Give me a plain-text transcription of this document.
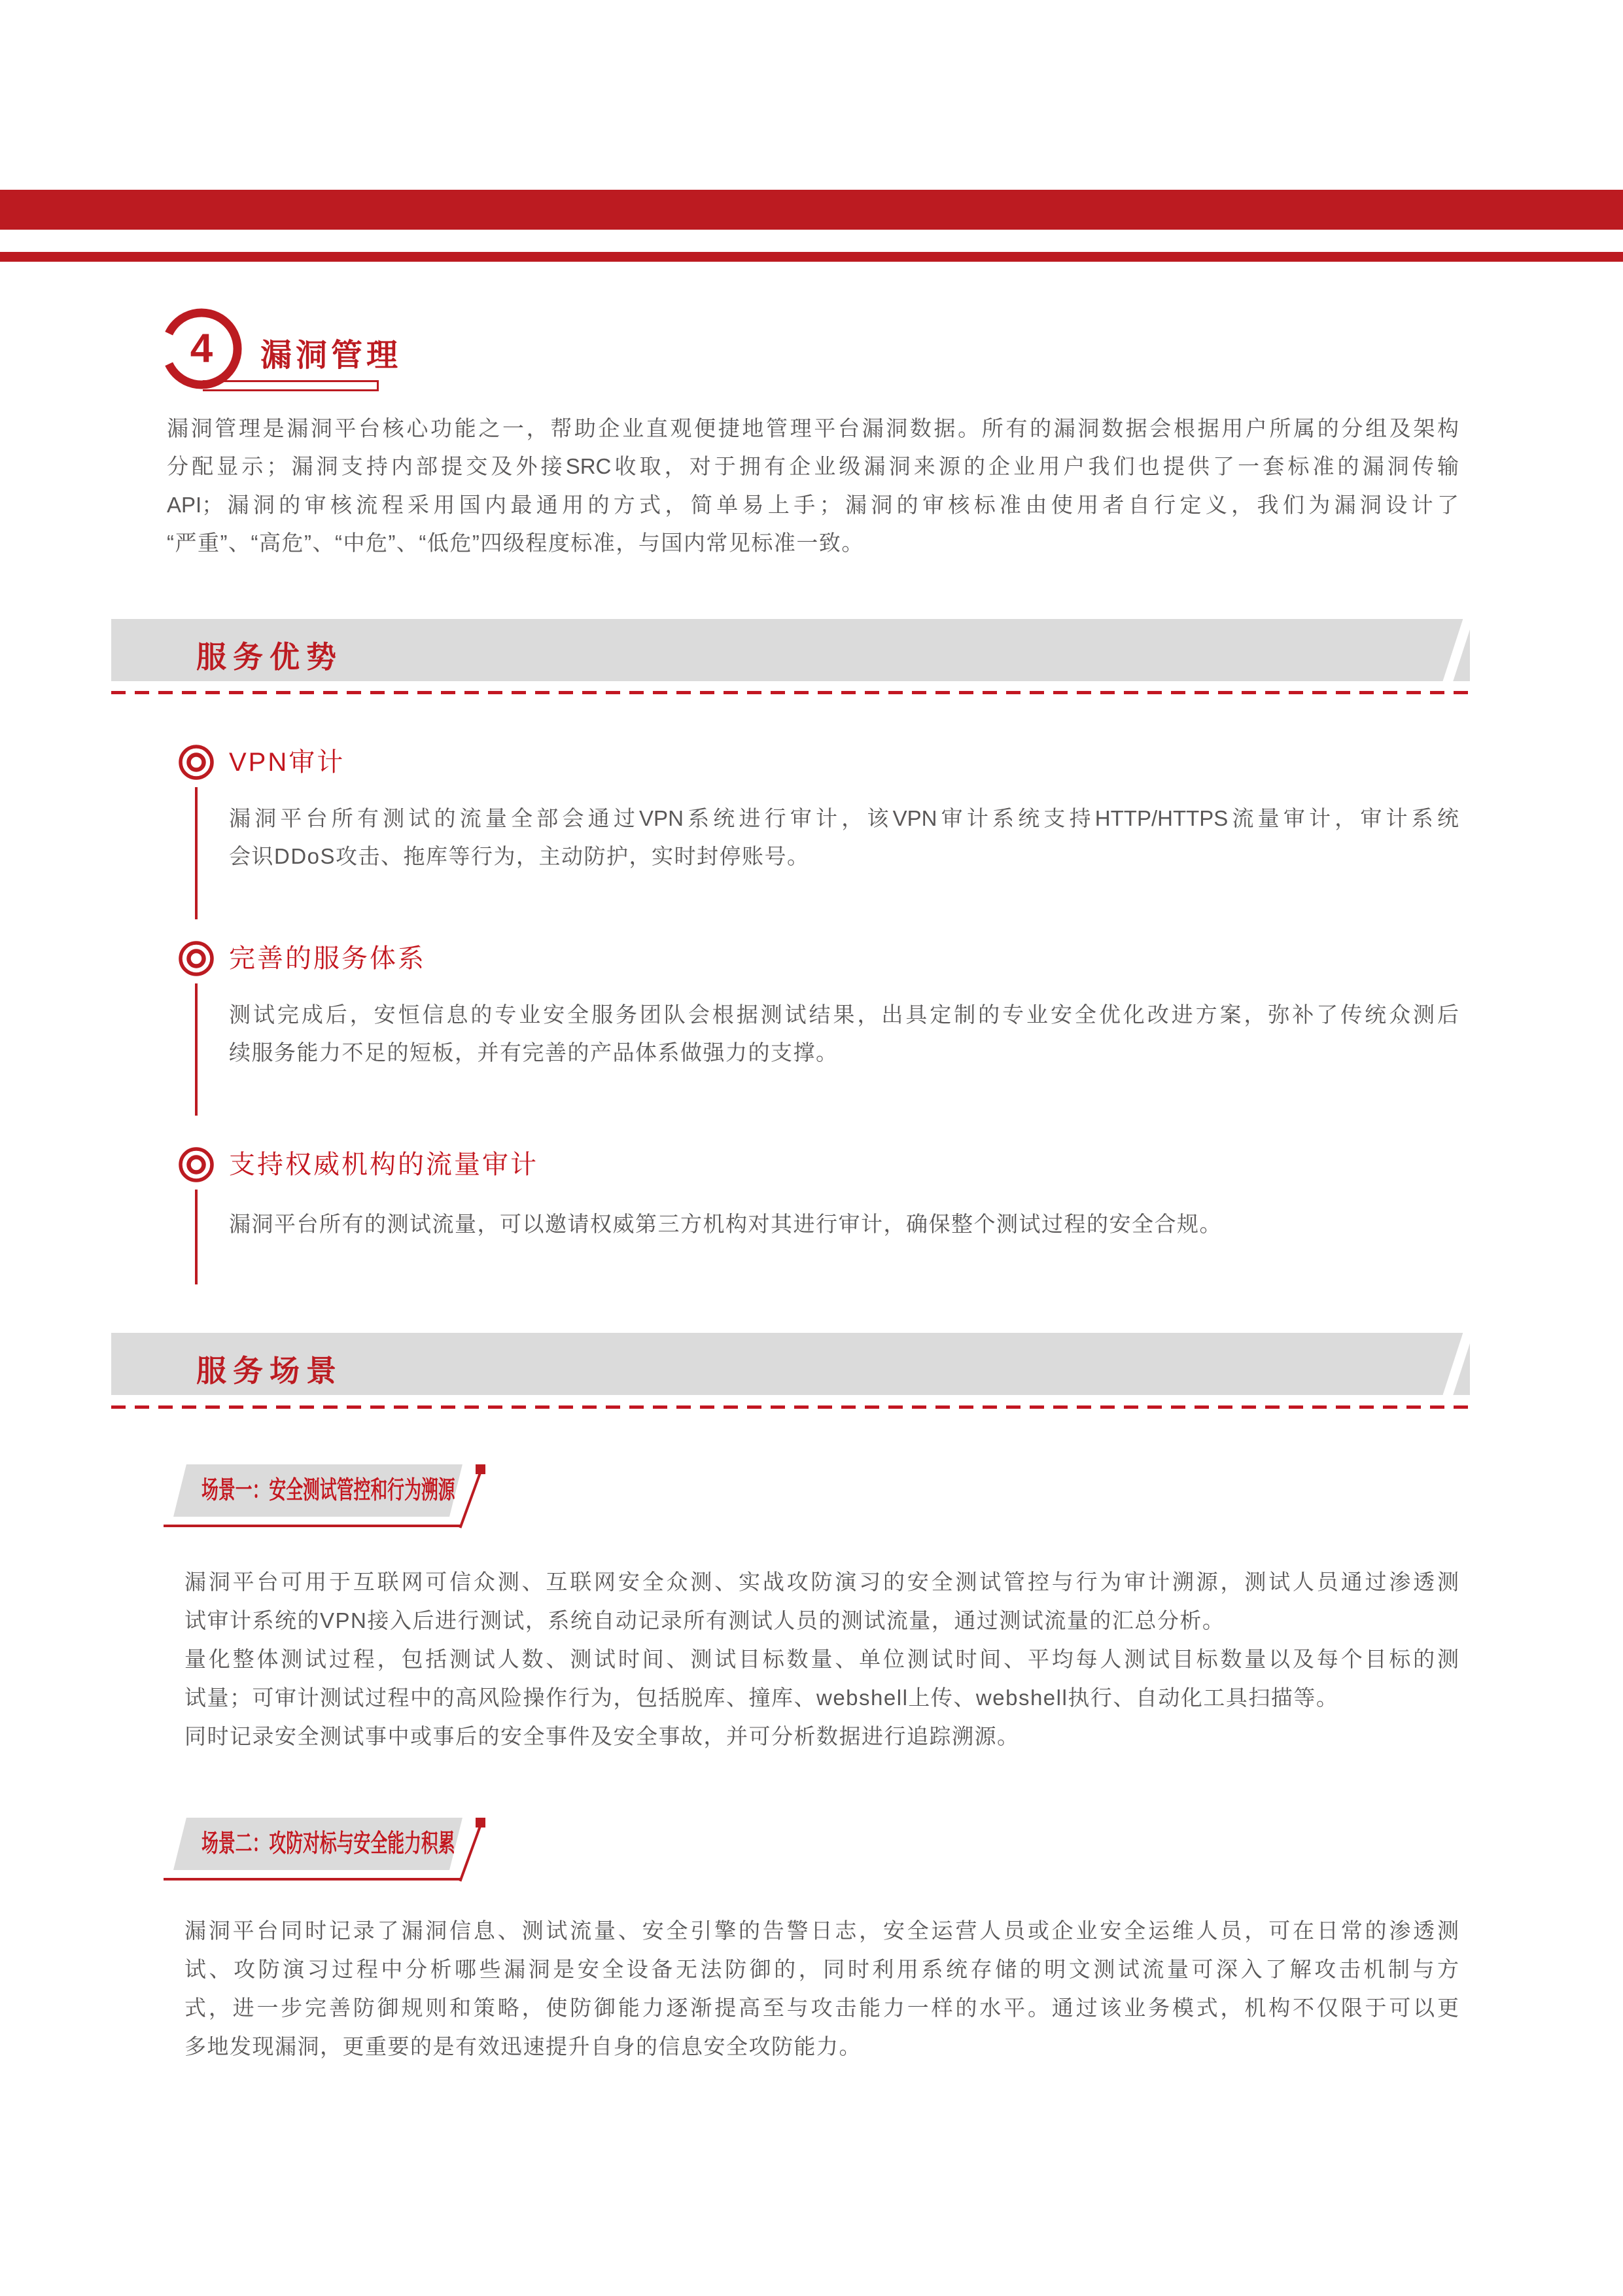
4	漏洞管理
漏洞管理是漏洞平台核心功能之一，帮助企业直观便捷地管理平台漏洞数据。所有的漏洞数据会根据用户所属的分组及架构
分配显示；漏洞支持内部提交及外接SRC收取，对于拥有企业级漏洞来源的企业用户我们也提供了一套标准的漏洞传输
API；漏洞的审核流程采用国内最通用的方式，简单易上手；漏洞的审核标准由使用者自行定义，我们为漏洞设计了
“严重”、“高危”、“中危”、“低危”四级程度标准，与国内常见标准一致。
服务优势
VPN审计
漏洞平台所有测试的流量全部会通过VPN系统进行审计，该VPN审计系统支持HTTP/HTTPS流量审计，审计系统
会识DDoS攻击、拖库等行为，主动防护，实时封停账号。
完善的服务体系
测试完成后，安恒信息的专业安全服务团队会根据测试结果，出具定制的专业安全优化改进方案，弥补了传统众测后
续服务能力不足的短板，并有完善的产品体系做强力的支撑。
支持权威机构的流量审计
漏洞平台所有的测试流量，可以邀请权威第三方机构对其进行审计，确保整个测试过程的安全合规。
服务场景
场景一：安全测试管控和行为溯源
漏洞平台可用于互联网可信众测、互联网安全众测、实战攻防演习的安全测试管控与行为审计溯源，测试人员通过渗透测
试审计系统的VPN接入后进行测试，系统自动记录所有测试人员的测试流量，通过测试流量的汇总分析。
量化整体测试过程，包括测试人数、测试时间、测试目标数量、单位测试时间、平均每人测试目标数量以及每个目标的测
试量；可审计测试过程中的高风险操作行为，包括脱库、撞库、webshell上传、webshell执行、自动化工具扫描等。
同时记录安全测试事中或事后的安全事件及安全事故，并可分析数据进行追踪溯源。
场景二：攻防对标与安全能力积累
漏洞平台同时记录了漏洞信息、测试流量、安全引擎的告警日志，安全运营人员或企业安全运维人员，可在日常的渗透测
试、攻防演习过程中分析哪些漏洞是安全设备无法防御的，同时利用系统存储的明文测试流量可深入了解攻击机制与方
式，进一步完善防御规则和策略，使防御能力逐渐提高至与攻击能力一样的水平。通过该业务模式，机构不仅限于可以更
多地发现漏洞，更重要的是有效迅速提升自身的信息安全攻防能力。
